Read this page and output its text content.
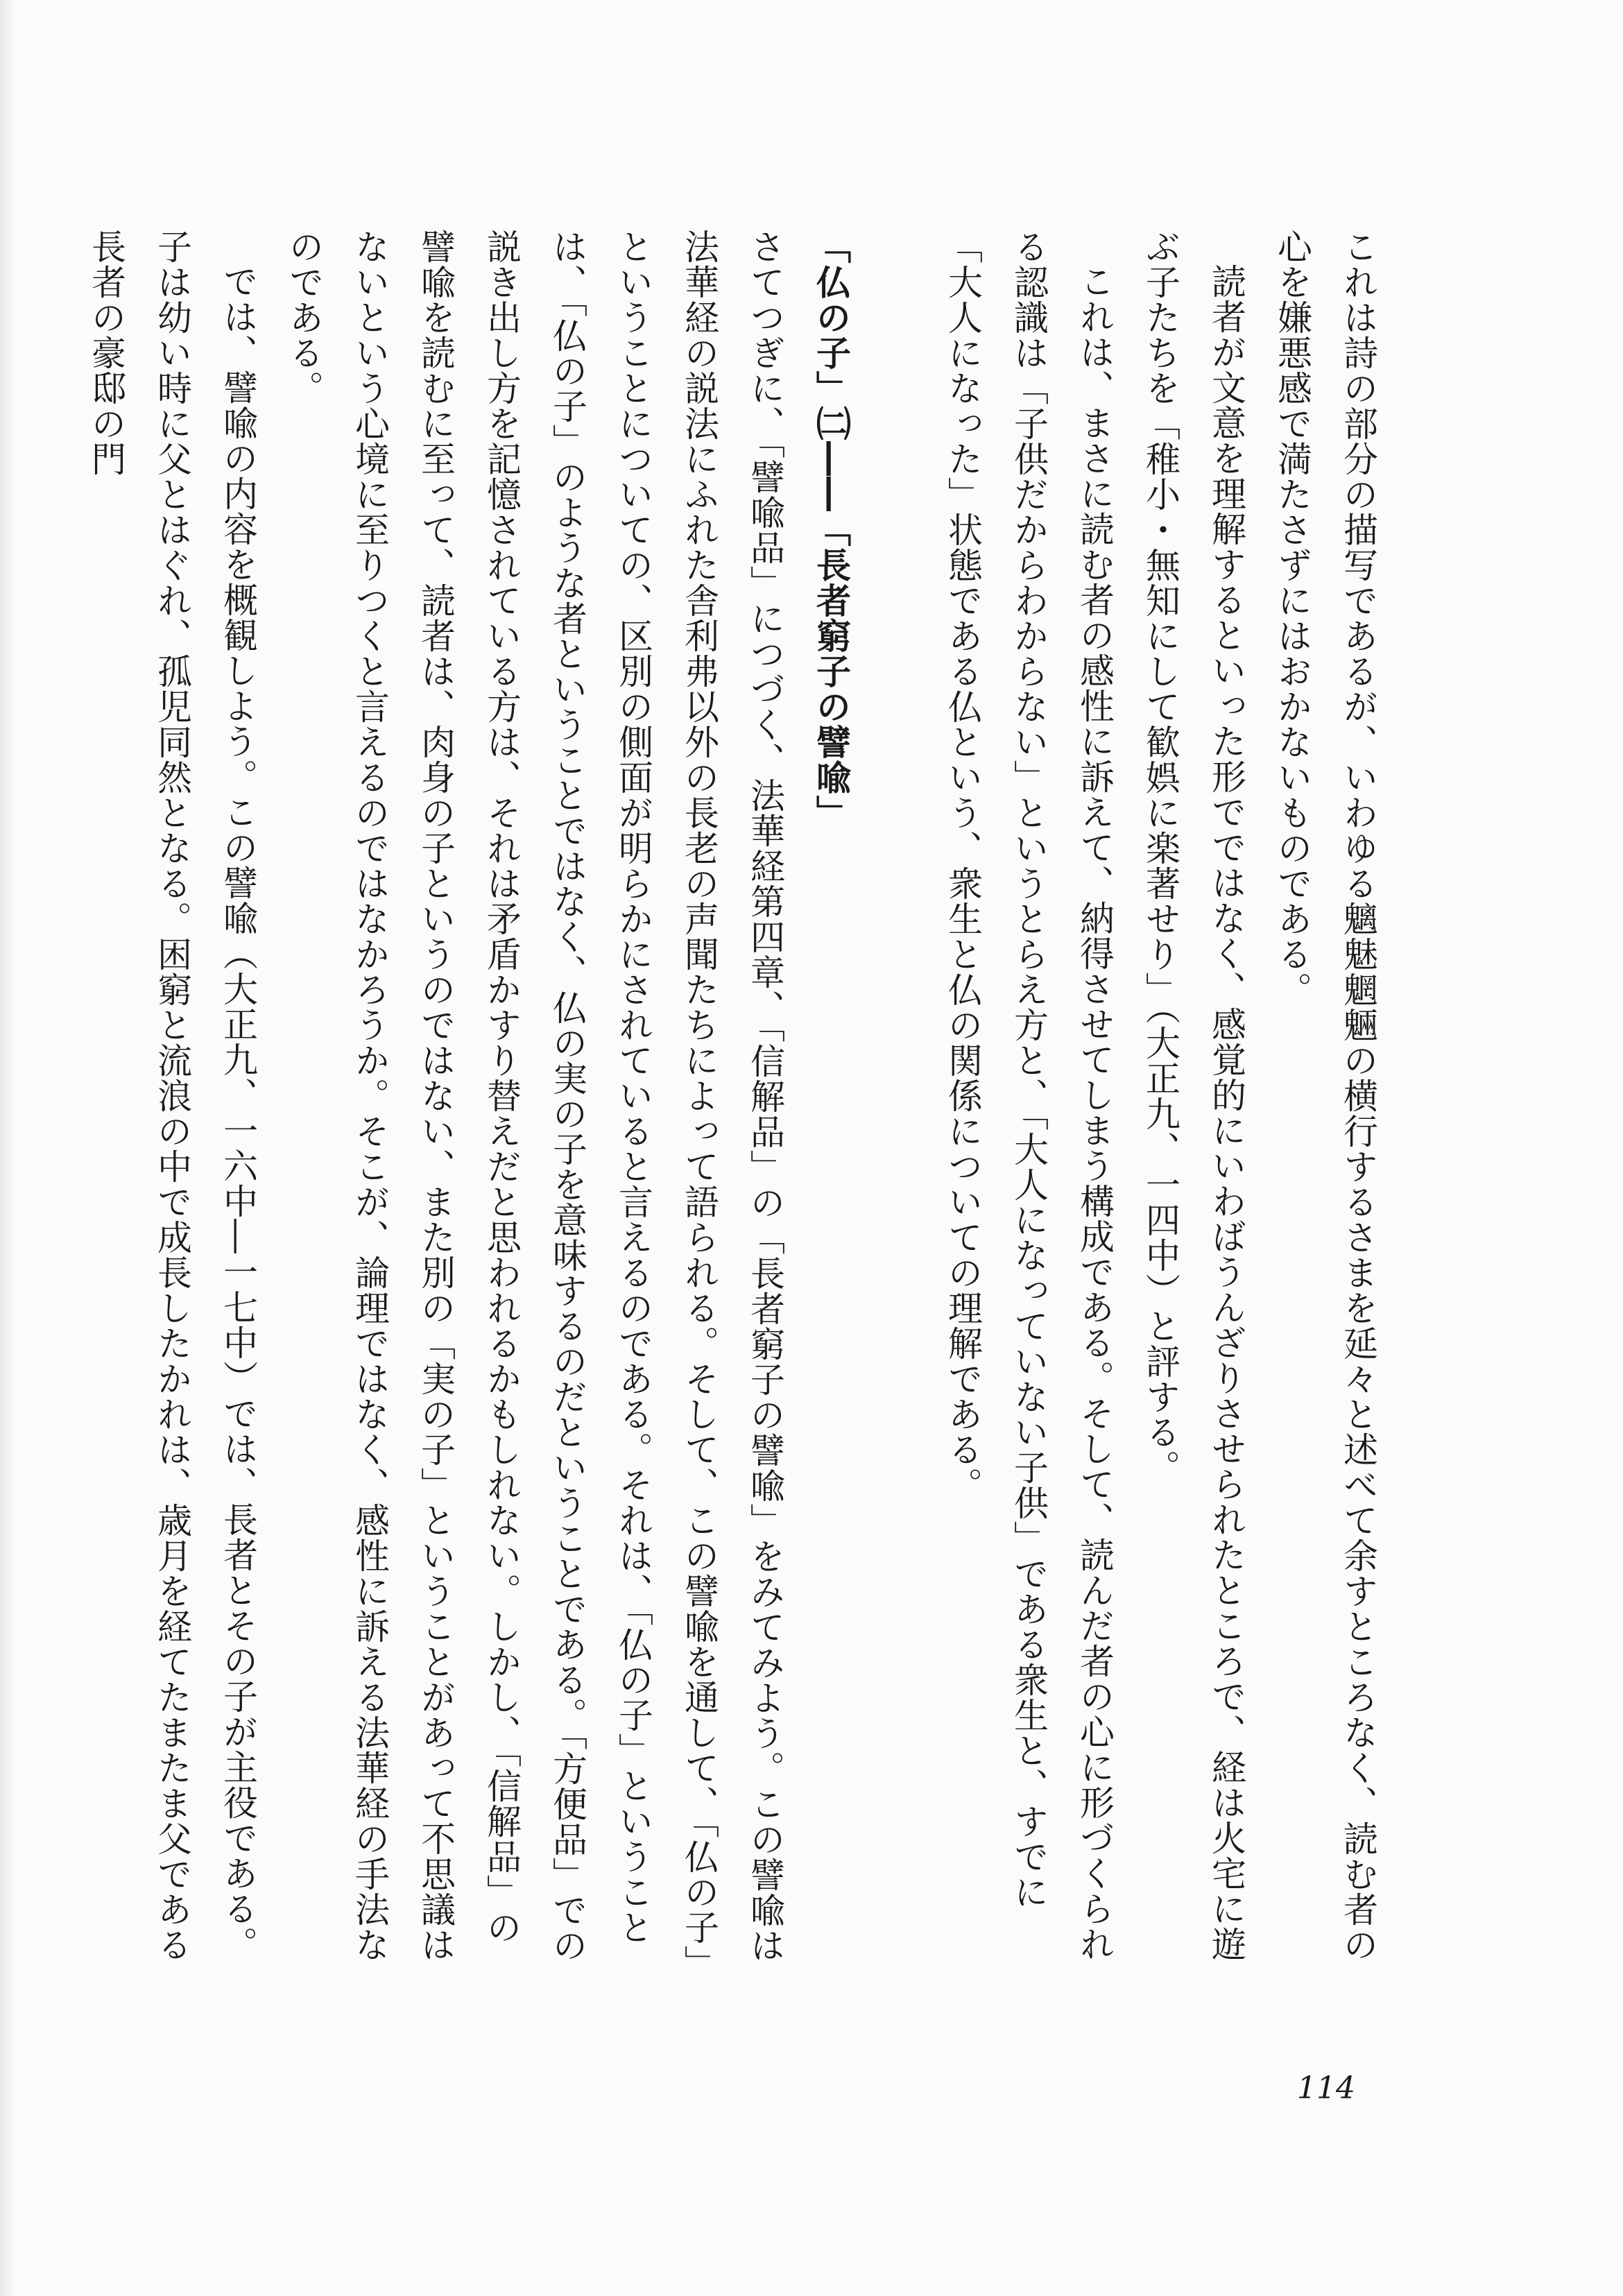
これは詩の部分の描写であるが、いわゆる魑魅魍魎の横行するさまを延々と述べて余すところなく、読む者の心を嫌悪感で満たさずにはおかないものである。

読者が文意を理解するといった形でではなく、感覚的にいわばうんざりさせられたところで、経は火宅に遊ぶ子たちを「稚小・無知にして歓娯に楽著せり」（大正九、一四中）と評する。

これは、まさに読む者の感性に訴えて、納得させてしまう構成である。そして、読んだ者の心に形づくられる認識は「子供だからわからない」というとらえ方と、「大人になっていない子供」である衆生と、すでに「大人になった」状態である仏という、衆生と仏の関係についての理解である。

「仏の子」㈡――「長者窮子の譬喩」

さてつぎに、「譬喩品」につづく、法華経第四章、「信解品」の「長者窮子の譬喩」をみてみよう。この譬喩は法華経の説法にふれた舎利弗以外の長老の声聞たちによって語られる。そして、この譬喩を通して、「仏の子」ということについての、区別の側面が明らかにされていると言えるのである。それは、「仏の子」ということは、「仏の子」のような者ということではなく、仏の実の子を意味するのだということである。「方便品」での説き出し方を記憶されている方は、それは矛盾かすり替えだと思われるかもしれない。しかし、「信解品」の譬喩を読むに至って、読者は、肉身の子というのではない、また別の「実の子」ということがあって不思議はないという心境に至りつくと言えるのではなかろうか。そこが、論理ではなく、感性に訴える法華経の手法なのである。

では、譬喩の内容を概観しよう。この譬喩（大正九、一六中―一七中）では、長者とその子が主役である。子は幼い時に父とはぐれ、孤児同然となる。困窮と流浪の中で成長したかれは、歳月を経てたまたま父である長者の豪邸の門

114
